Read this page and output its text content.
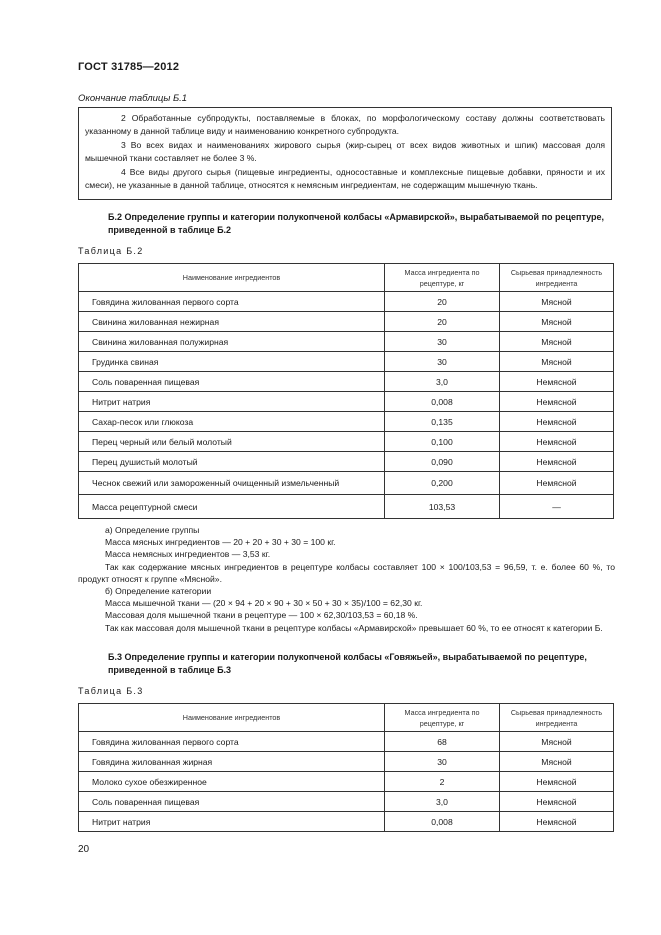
ГОСТ 31785—2012
Окончание таблицы Б.1

2 Обработанные субпродукты, поставляемые в блоках, по морфологическому составу должны соответствовать указанному в данной таблице виду и наименованию конкретного субпродукта.

3 Во всех видах и наименованиях жирового сырья (жир-сырец от всех видов животных и шпик) массовая доля мышечной ткани составляет не более 3 %.

4 Все виды другого сырья (пищевые ингредиенты, односоставные и комплексные пищевые добавки, пряности и их смеси), не указанные в данной таблице, относятся к немясным ингредиентам, не содержащим мышечную ткань.

Б.2 Определение группы и категории полукопченой колбасы «Армавирской», вырабатываемой по рецептуре, приведенной в таблице Б.2
Таблица Б.2
Наименование ингредиентов	Масса ингредиента по рецептуре, кг	Сырьевая принадлежность ингредиента
Говядина жилованная первого сорта	20	Мясной
Свинина жилованная нежирная	20	Мясной
Свинина жилованная полужирная	30	Мясной
Грудинка свиная	30	Мясной
Соль поваренная пищевая	3,0	Немясной
Нитрит натрия	0,008	Немясной
Сахар-песок или глюкоза	0,135	Немясной
Перец черный или белый молотый	0,100	Немясной
Перец душистый молотый	0,090	Немясной
Чеснок свежий или замороженный очищенный измельченный	0,200	Немясной
Масса рецептурной смеси	103,53	—

а) Определение группы

Масса мясных ингредиентов — 20 + 20 + 30 + 30 = 100 кг.

Масса немясных ингредиентов — 3,53 кг.

Так как содержание мясных ингредиентов в рецептуре колбасы составляет 100 × 100/103,53 = 96,59, т. е. более 60 %, то продукт относят к группе «Мясной».

б) Определение категории

Масса мышечной ткани — (20 × 94 + 20 × 90 + 30 × 50 + 30 × 35)/100 = 62,30 кг.

Массовая доля мышечной ткани в рецептуре — 100 × 62,30/103,53 = 60,18 %.

Так как массовая доля мышечной ткани в рецептуре колбасы «Армавирской» превышает 60 %, то ее относят к категории Б.

Б.3 Определение группы и категории полукопченой колбасы «Говяжьей», вырабатываемой по рецептуре, приведенной в таблице Б.3
Таблица Б.3
Наименование ингредиентов	Масса ингредиента по рецептуре, кг	Сырьевая принадлежность ингредиента
Говядина жилованная первого сорта	68	Мясной
Говядина жилованная жирная	30	Мясной
Молоко сухое обезжиренное	2	Немясной
Соль поваренная пищевая	3,0	Немясной
Нитрит натрия	0,008	Немясной
20
